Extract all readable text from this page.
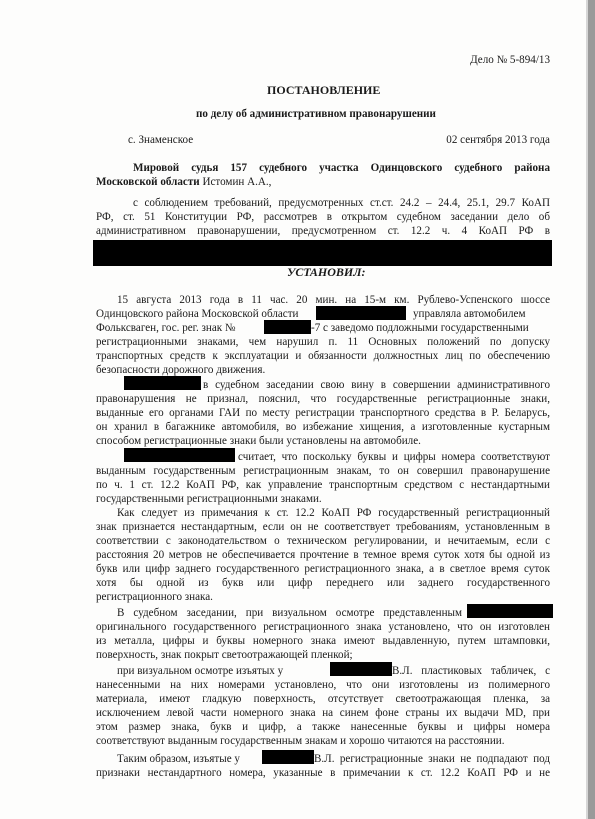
Дело № 5-894/13
ПОСТАНОВЛЕНИЕ
по делу об административном правонарушении
с. Знаменское	02 сентября 2013 года
Мировой судья 157 судебного участка Одинцовского судебного района
Московской области Истомин А.А.,
с соблюдением требований, предусмотренных ст.ст. 24.2 – 24.4, 25.1, 29.7 КоАП
РФ, ст. 51 Конституции РФ, рассмотрев в открытом судебном заседании дело об
административном правонарушении, предусмотренном ст. 12.2 ч. 4 КоАП РФ в
УСТАНОВИЛ:
15 августа 2013 года в 11 час. 20 мин. на 15-м км. Рублево-Успенского шоссе
Одинцовского района Московской области	управляла автомобилем
Фольксваген, гос. рег. знак №	-7 с заведомо подложными государственными
регистрационными знаками, чем нарушил п. 11 Основных положений по допуску
транспортных средств к эксплуатации и обязанности должностных лиц по обеспечению
безопасности дорожного движения.
в судебном заседании свою вину в совершении административного
правонарушения не признал, пояснил, что государственные регистрационные знаки,
выданные его органами ГАИ по месту регистрации транспортного средства в Р. Беларусь,
он хранил в багажнике автомобиля, во избежание хищения, а изготовленные кустарным
способом регистрационные знаки были установлены на автомобиле.
считает, что поскольку буквы и цифры номера соответствуют
выданным государственным регистрационным знакам, то он совершил правонарушение
по ч. 1 ст. 12.2 КоАП РФ, как управление транспортным средством с нестандартными
государственными регистрационными знаками.
Как следует из примечания к ст. 12.2 КоАП РФ государственный регистрационный
знак признается нестандартным, если он не соответствует требованиям, установленным в
соответствии с законодательством о техническом регулировании, и нечитаемым, если с
расстояния 20 метров не обеспечивается прочтение в темное время суток хотя бы одной из
букв или цифр заднего государственного регистрационного знака, а в светлое время суток
хотя бы одной из букв или цифр переднего или заднего государственного
регистрационного знака.
В судебном заседании, при визуальном осмотре представленным
оригинального государственного регистрационного знака установлено, что он изготовлен
из металла, цифры и буквы номерного знака имеют выдавленную, путем штамповки,
поверхность, знак покрыт светоотражающей пленкой;
при визуальном осмотре изъятых у	В.Л. пластиковых табличек, с
нанесенными на них номерами установлено, что они изготовлены из полимерного
материала, имеют гладкую поверхность, отсутствует светоотражающая пленка, за
исключением левой части номерного знака на синем фоне страны их выдачи MD, при
этом размер знака, букв и цифр, а также нанесенные буквы и цифры номера
соответствуют выданным государственным знакам и хорошо читаются на расстоянии.
Таким образом, изъятые у	В.Л. регистрационные знаки не подпадают под
признаки нестандартного номера, указанные в примечании к ст. 12.2 КоАП РФ и не
